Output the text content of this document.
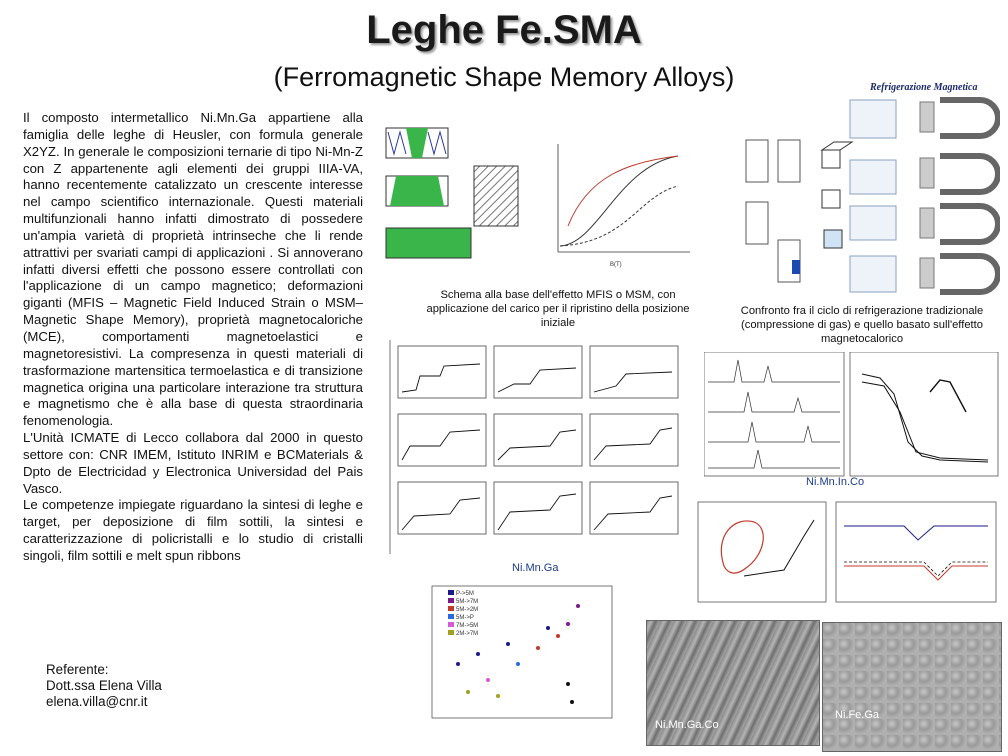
Leghe Fe.SMA
(Ferromagnetic Shape Memory Alloys)

Il composto intermetallico Ni.Mn.Ga appartiene alla famiglia delle leghe di Heusler, con formula generale X2YZ. In generale le composizioni ternarie di tipo Ni-Mn-Z con Z appartenente agli elementi dei gruppi IIIA-VA, hanno recentemente catalizzato un crescente interesse nel campo scientifico internazionale. Questi materiali multifunzionali hanno infatti dimostrato di possedere un'ampia varietà di proprietà intrinseche che li rende attrattivi per svariati campi di applicazioni . Si annoverano infatti diversi effetti che possono essere controllati con l'applicazione di un campo magnetico; deformazioni giganti (MFIS – Magnetic Field Induced Strain o MSM– Magnetic Shape Memory), proprietà magnetocaloriche (MCE), comportamenti magnetoelastici e magnetoresistivi. La compresenza in questi materiali di trasformazione martensitica termoelastica e di transizione magnetica origina una particolare interazione tra struttura e magnetismo che è alla base di questa straordinaria fenomenologia.

L'Unità ICMATE di Lecco collabora dal 2000 in questo settore con: CNR IMEM, Istituto INRIM e BCMaterials & Dpto de Electricidad y Electronica Universidad del Pais Vasco.

Le competenze impiegate riguardano la sintesi di leghe e target, per deposizione di film sottili, la sintesi e caratterizzazione di policristalli e lo studio di cristalli singoli, film sottili e melt spun ribbons

Referente:
Dott.ssa Elena Villa
elena.villa@cnr.it
B(T)
Schema alla base dell'effetto MFIS o MSM, con applicazione del carico per il ripristino della posizione iniziale
Refrigerazione Magnetica
Confronto fra il ciclo di refrigerazione tradizionale (compressione di gas) e quello basato sull'effetto magnetocalorico
Ni.Mn.Ga
Ni.Mn.In.Co
P->5M
5M->7M
5M->2M
5M->P
7M->5M
2M->7M
Ni.Mn.Ga.Co
Ni.Fe.Ga
